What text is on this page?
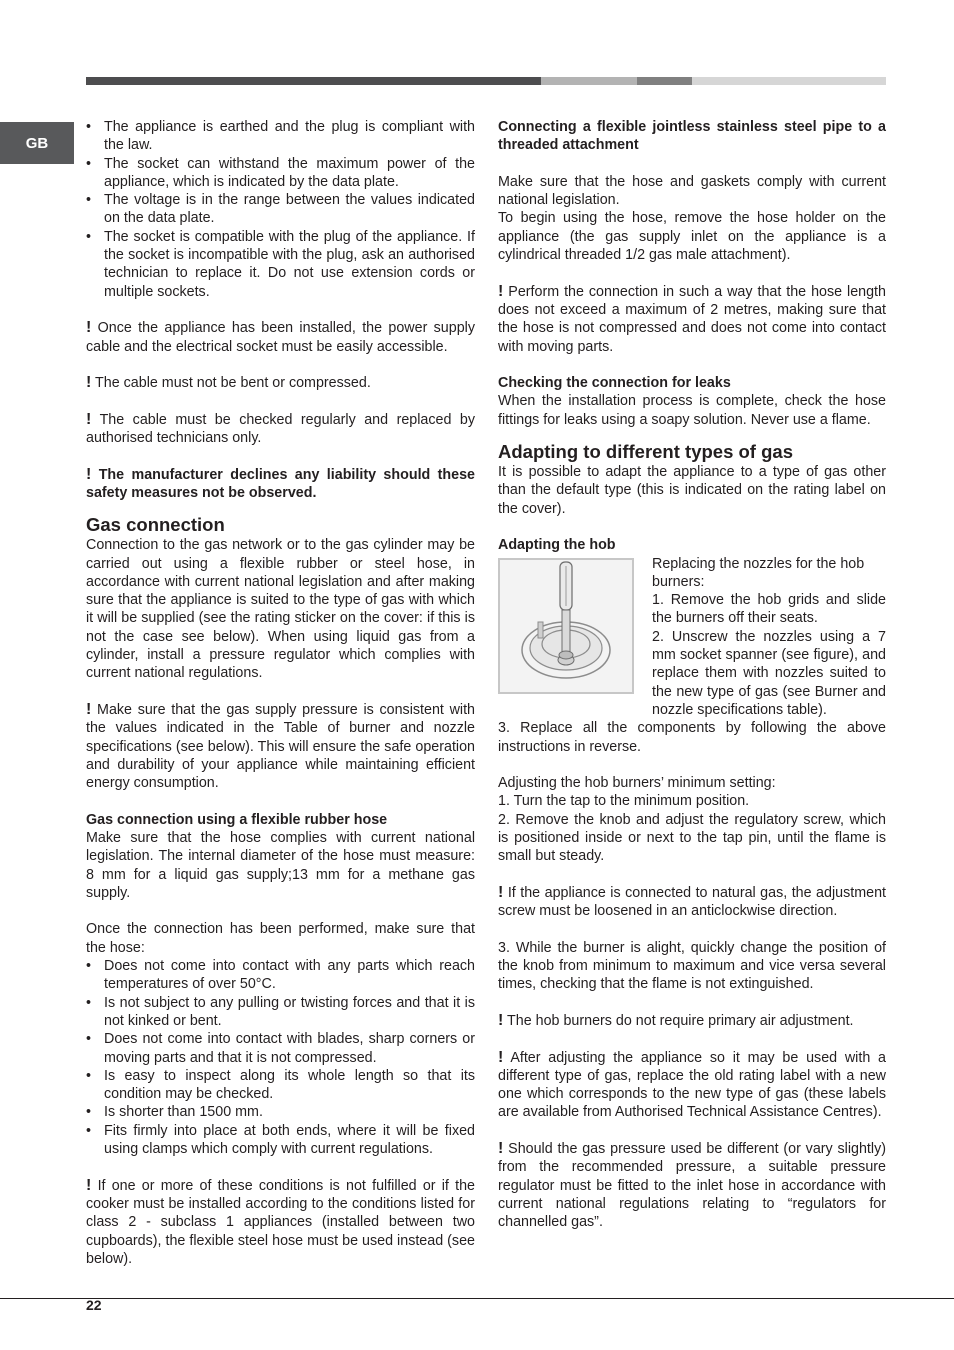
GB
• The appliance is earthed and the plug is compliant with the law.
• The socket can withstand the maximum power of the appliance, which is indicated by the data plate.
• The voltage is in the range between the values indicated on the data plate.
• The socket is compatible with the plug of the appliance. If the socket is incompatible with the plug, ask an authorised technician to replace it. Do not use extension cords or multiple sockets.

! Once the appliance has been installed, the power supply cable and the electrical socket must be easily accessible.

! The cable must not be bent or compressed.

! The cable must be checked regularly and replaced by authorised technicians only.

! The manufacturer declines any liability should these safety measures not be observed.

Gas connection

Connection to the gas network or to the gas cylinder may be carried out using a flexible rubber or steel hose, in accordance with current national legislation and after making sure that the appliance is suited to the type of gas with which it will be supplied (see the rating sticker on the cover: if this is not the case see below). When using liquid gas from a cylinder, install a pressure regulator which complies with current national regulations.

! Make sure that the gas supply pressure is consistent with the values indicated in the Table of burner and nozzle specifications (see below). This will ensure the safe operation and durability of your appliance while maintaining efficient energy consumption.

Gas connection using a flexible rubber hose

Make sure that the hose complies with current national legislation. The internal diameter of the hose must measure: 8 mm for a liquid gas supply;13 mm for a methane gas supply.

Once the connection has been performed, make sure that the hose:

• Does not come into contact with any parts which reach temperatures of over 50°C.
• Is not subject to any pulling or twisting forces and that it is not kinked or bent.
• Does not come into contact with blades, sharp corners or moving parts and that it is not compressed.
• Is easy to inspect along its whole length so that its condition may be checked.
• Is shorter than 1500 mm.
• Fits firmly into place at both ends, where it will be fixed using clamps which comply with current regulations.

! If one or more of these conditions is not fulfilled or if the cooker must be installed according to the conditions listed for class 2 - subclass 1 appliances (installed between two cupboards), the flexible steel hose must be used instead (see below).

Connecting a flexible jointless stainless steel pipe to a threaded attachment

Make sure that the hose and gaskets comply with current national legislation.

To begin using the hose, remove the hose holder on the appliance (the gas supply inlet on the appliance is a cylindrical threaded 1/2 gas male attachment).

! Perform the connection in such a way that the hose length does not exceed a maximum of 2 metres, making sure that the hose is not compressed and does not come into contact with moving parts.

Checking the connection for leaks

When the installation process is complete, check the hose fittings for leaks using a soapy solution. Never use a flame.

Adapting to different types of gas

It is possible to adapt the appliance to a type of gas other than the default type (this is indicated on the rating label on the cover).

Adapting the hob

Replacing the nozzles for the hob burners:

1. Remove the hob grids and slide the burners off their seats.

2. Unscrew the nozzles using a 7 mm socket spanner (see figure), and replace them with nozzles suited to the new type of gas (see Burner and nozzle specifications table).

3. Replace all the components by following the above instructions in reverse.

Adjusting the hob burners’ minimum setting:

1. Turn the tap to the minimum position.

2. Remove the knob and adjust the regulatory screw, which is positioned inside or next to the tap pin, until the flame is small but steady.

! If the appliance is connected to natural gas, the adjustment screw must be loosened in an anticlockwise direction.

3. While the burner is alight, quickly change the position of the knob from minimum to maximum and vice versa several times, checking that the flame is not extinguished.

! The hob burners do not require primary air adjustment.

! After adjusting the appliance so it may be used with a different type of gas, replace the old rating label with a new one which corresponds to the new type of gas (these labels are available from Authorised Technical Assistance Centres).

! Should the gas pressure used be different (or vary slightly) from the recommended pressure, a suitable pressure regulator must be fitted to the inlet hose in accordance with current national regulations relating to “regulators for channelled gas”.

22
